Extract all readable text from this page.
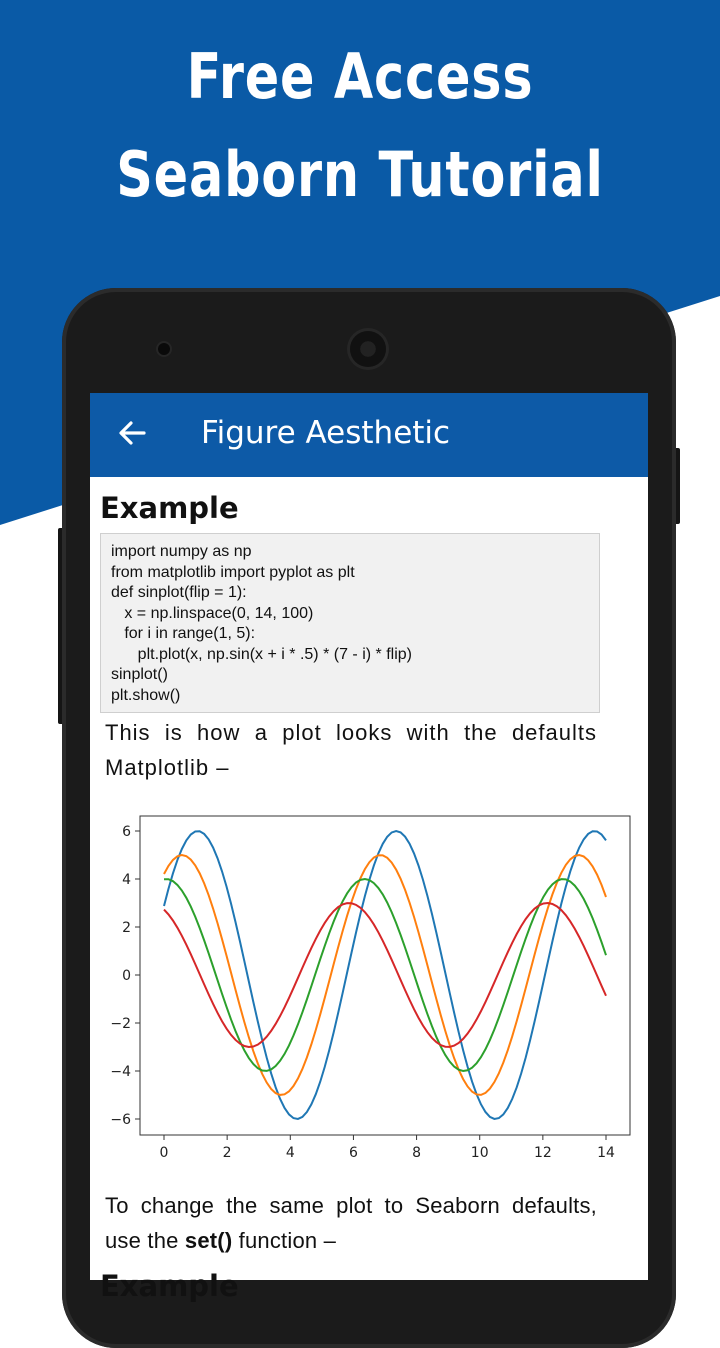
Free Access
Seaborn Tutorial
Figure Aesthetic
Example
import numpy as np
from matplotlib import pyplot as plt
def sinplot(flip = 1):
x = np.linspace(0, 14, 100)
for i in range(1, 5):
plt.plot(x, np.sin(x + i * .5) * (7 - i) * flip)
sinplot()
plt.show()
This is how a plot looks with the defaults Matplotlib –
0	2	4	6	8	10	12	14
−6
−4
−2
0
2
4
6
To change the same plot to Seaborn defaults, use the set() function –
Example
